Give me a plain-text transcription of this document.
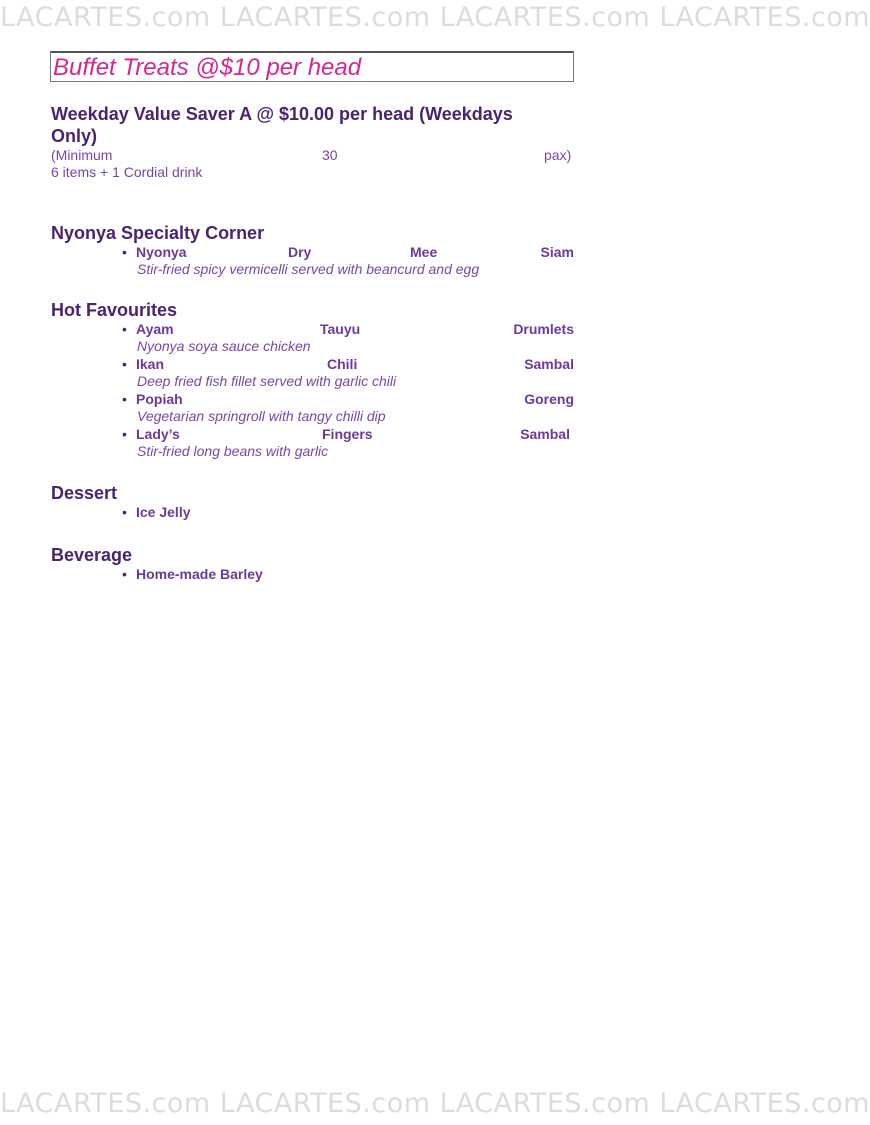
LACARTES.com LACARTES.com LACARTES.com LACARTES.com
Buffet Treats @$10 per head
Weekday Value Saver A @ $10.00 per head (Weekdays Only)
(Minimum	30	pax)
6 items + 1 Cordial drink
Nyonya Specialty Corner
• Nyonya	Dry	Mee	Siam
Stir-fried spicy vermicelli served with beancurd and egg
Hot Favourites
• Ayam	Tauyu	Drumlets
Nyonya soya sauce chicken
• Ikan	Chili	Sambal
Deep fried fish fillet served with garlic chili
• Popiah	Goreng
Vegetarian springroll with tangy chilli dip
• Lady’s	Fingers	Sambal
Stir-fried long beans with garlic
Dessert
• Ice Jelly
Beverage
• Home-made Barley
LACARTES.com LACARTES.com LACARTES.com LACARTES.com
